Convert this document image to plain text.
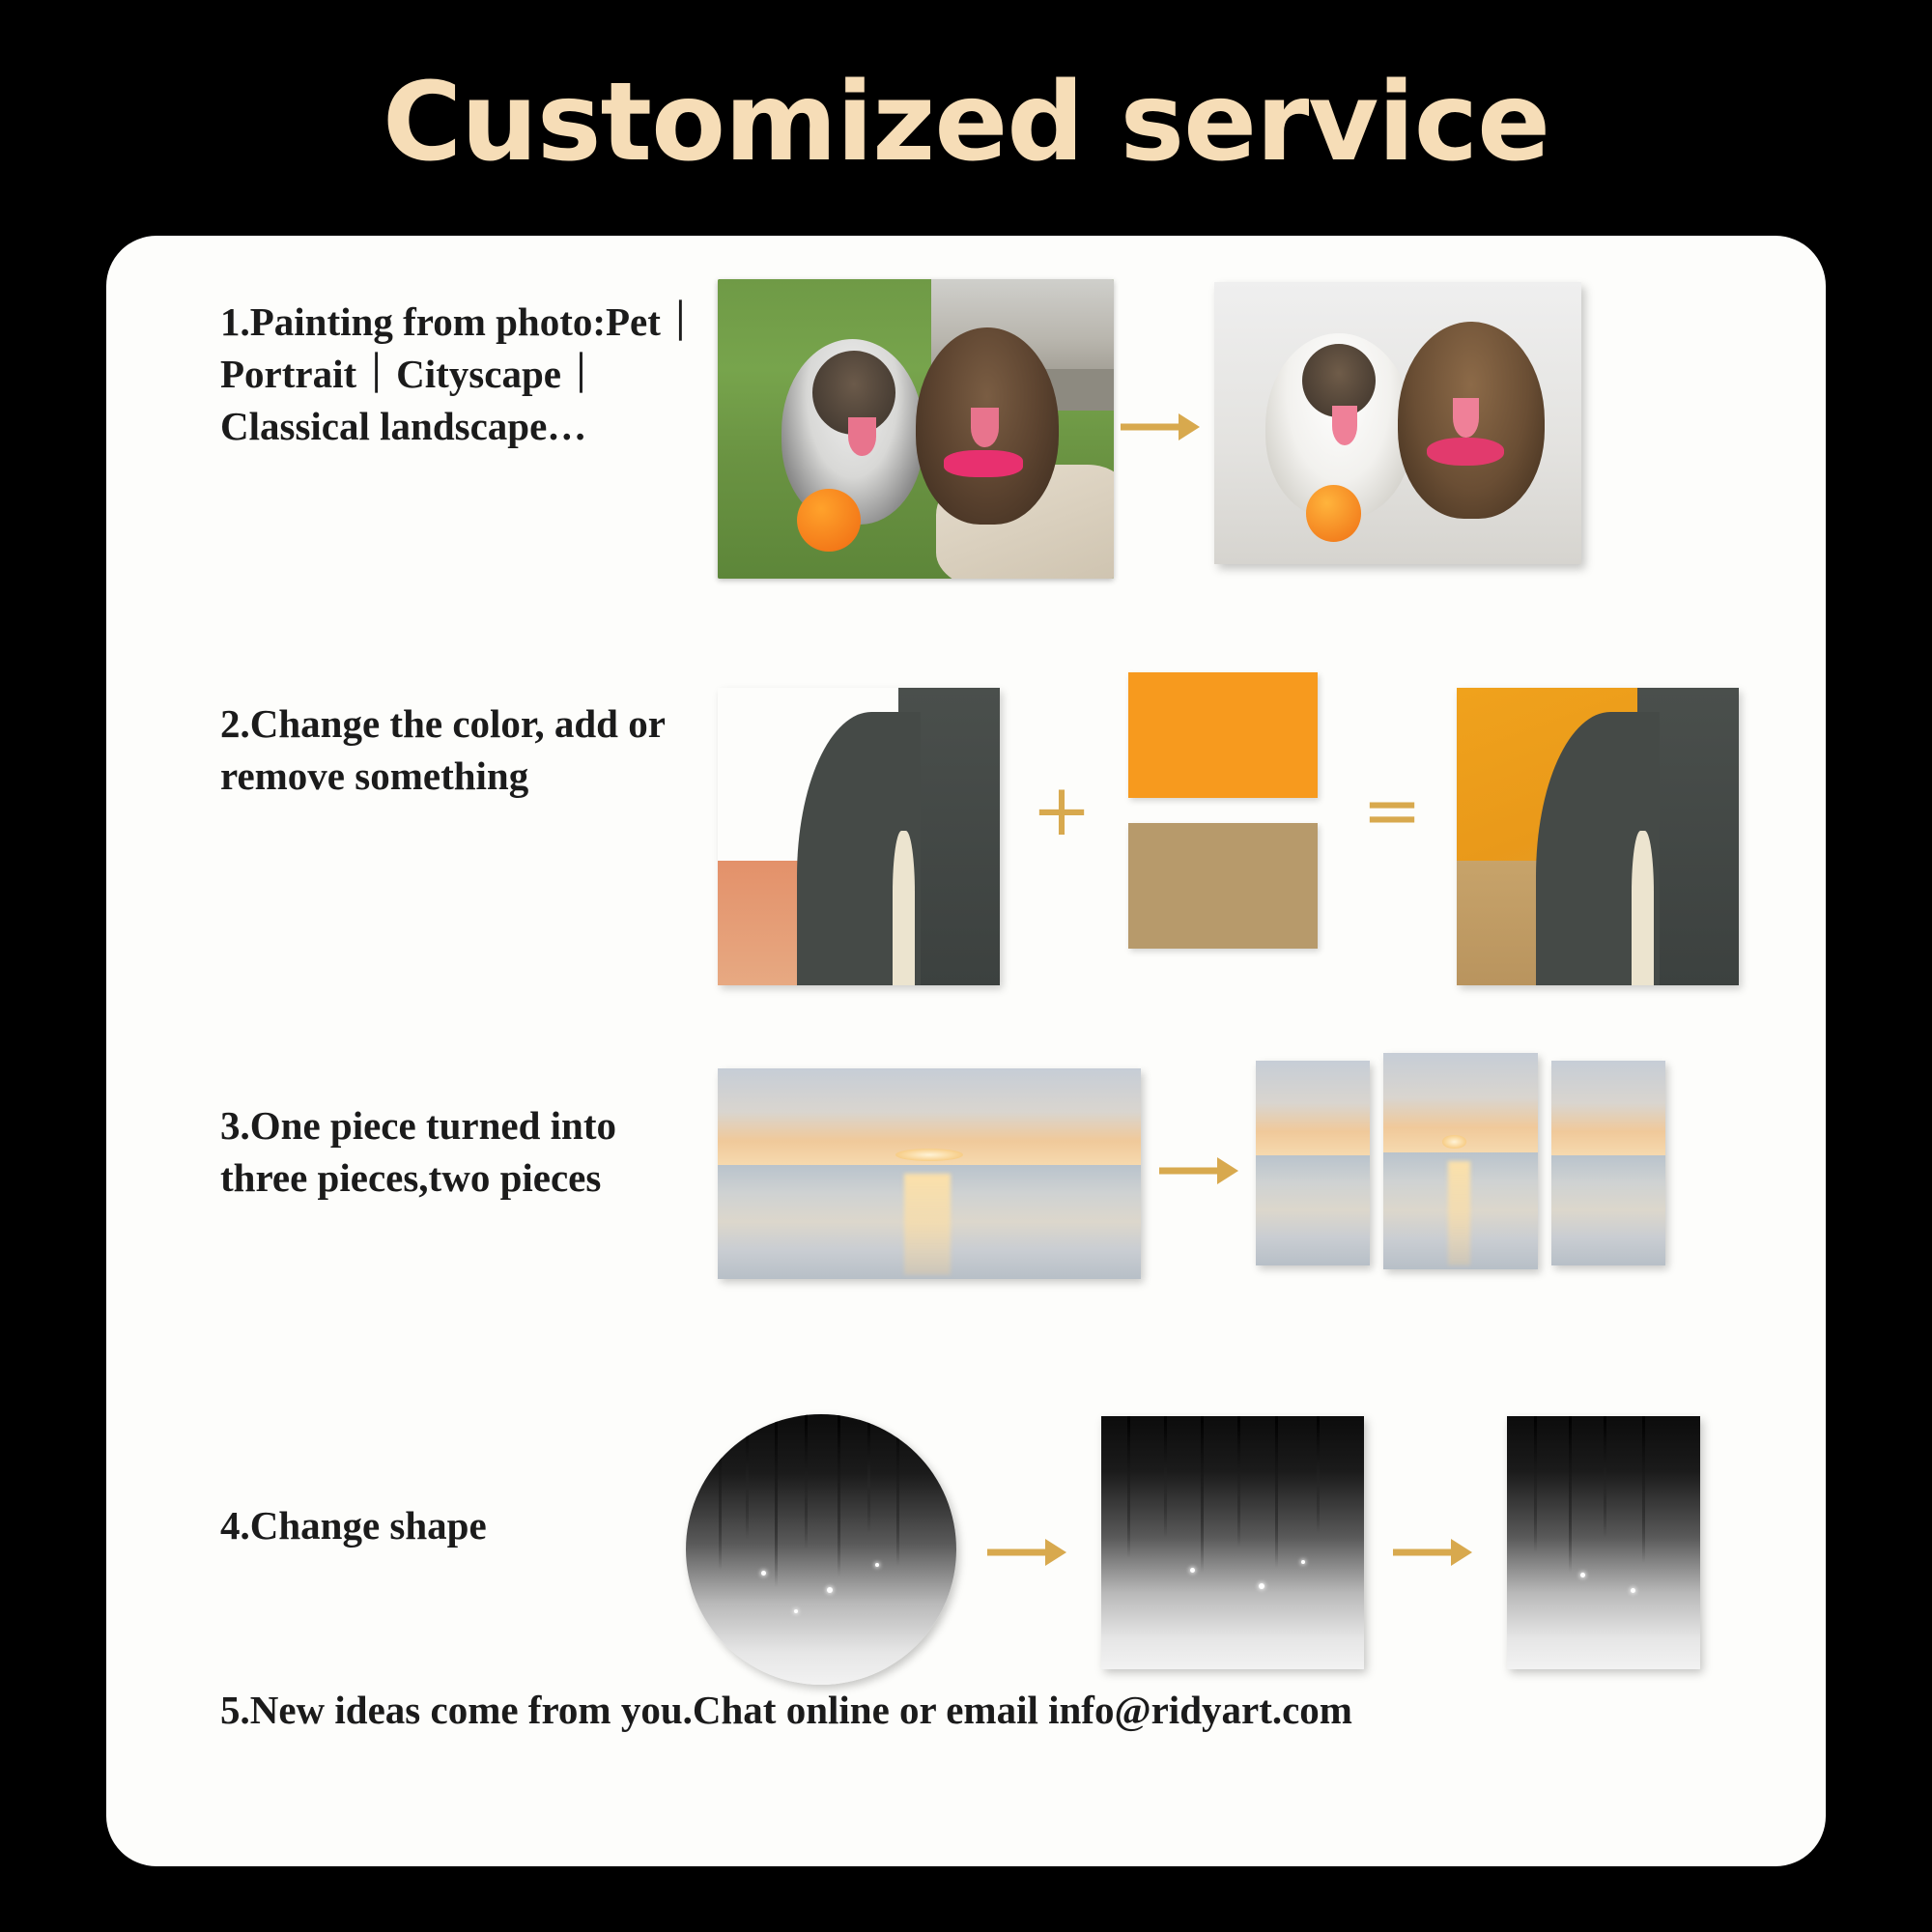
Customized service
1.Painting from photo:Pet｜Portrait｜Cityscape｜Classical landscape…
2.Change the color, add or remove something	+	=
3.One piece turned into three pieces,two pieces
4.Change shape
5.New ideas come from you.Chat online or email info@ridyart.com
